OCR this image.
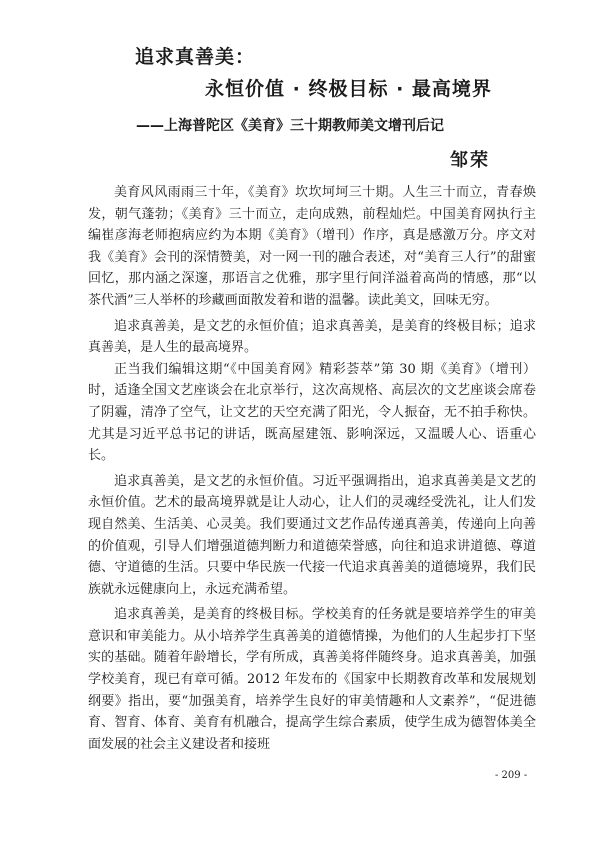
追求真善美：
永恒价值 · 终极目标 · 最高境界
——上海普陀区《美育》三十期教师美文增刊后记
邹荣

美育风风雨雨三十年，《美育》坎坎坷坷三十期。人生三十而立，青春焕发，朝气蓬勃；《美育》三十而立，走向成熟，前程灿烂。中国美育网执行主编崔彦海老师抱病应约为本期《美育》（增刊）作序，真是感激万分。序文对我《美育》会刊的深情赞美，对一网一刊的融合表述，对“美育三人行”的甜蜜回忆，那内涵之深邃，那语言之优雅，那字里行间洋溢着高尚的情感，那“以茶代酒”三人举杯的珍藏画面散发着和谐的温馨。读此美文，回味无穷。

追求真善美，是文艺的永恒价值；追求真善美，是美育的终极目标；追求真善美，是人生的最高境界。

正当我们编辑这期“《中国美育网》精彩荟萃”第 30 期《美育》（增刊）时，适逢全国文艺座谈会在北京举行，这次高规格、高层次的文艺座谈会席卷了阴霾，清净了空气，让文艺的天空充满了阳光，令人振奋，无不拍手称快。尤其是习近平总书记的讲话，既高屋建瓴、影响深远，又温暖人心、语重心长。

追求真善美，是文艺的永恒价值。习近平强调指出，追求真善美是文艺的永恒价值。艺术的最高境界就是让人动心，让人们的灵魂经受洗礼，让人们发现自然美、生活美、心灵美。我们要通过文艺作品传递真善美，传递向上向善的价值观，引导人们增强道德判断力和道德荣誉感，向往和追求讲道德、尊道德、守道德的生活。只要中华民族一代接一代追求真善美的道德境界，我们民族就永远健康向上，永远充满希望。

追求真善美，是美育的终极目标。学校美育的任务就是要培养学生的审美意识和审美能力。从小培养学生真善美的道德情操，为他们的人生起步打下坚实的基础。随着年龄增长，学有所成，真善美将伴随终身。追求真善美，加强学校美育，现已有章可循。2012 年发布的《国家中长期教育改革和发展规划纲要》指出，要“加强美育，培养学生良好的审美情趣和人文素养”，“促进德育、智育、体育、美育有机融合，提高学生综合素质，使学生成为德智体美全面发展的社会主义建设者和接班

- 209 -
